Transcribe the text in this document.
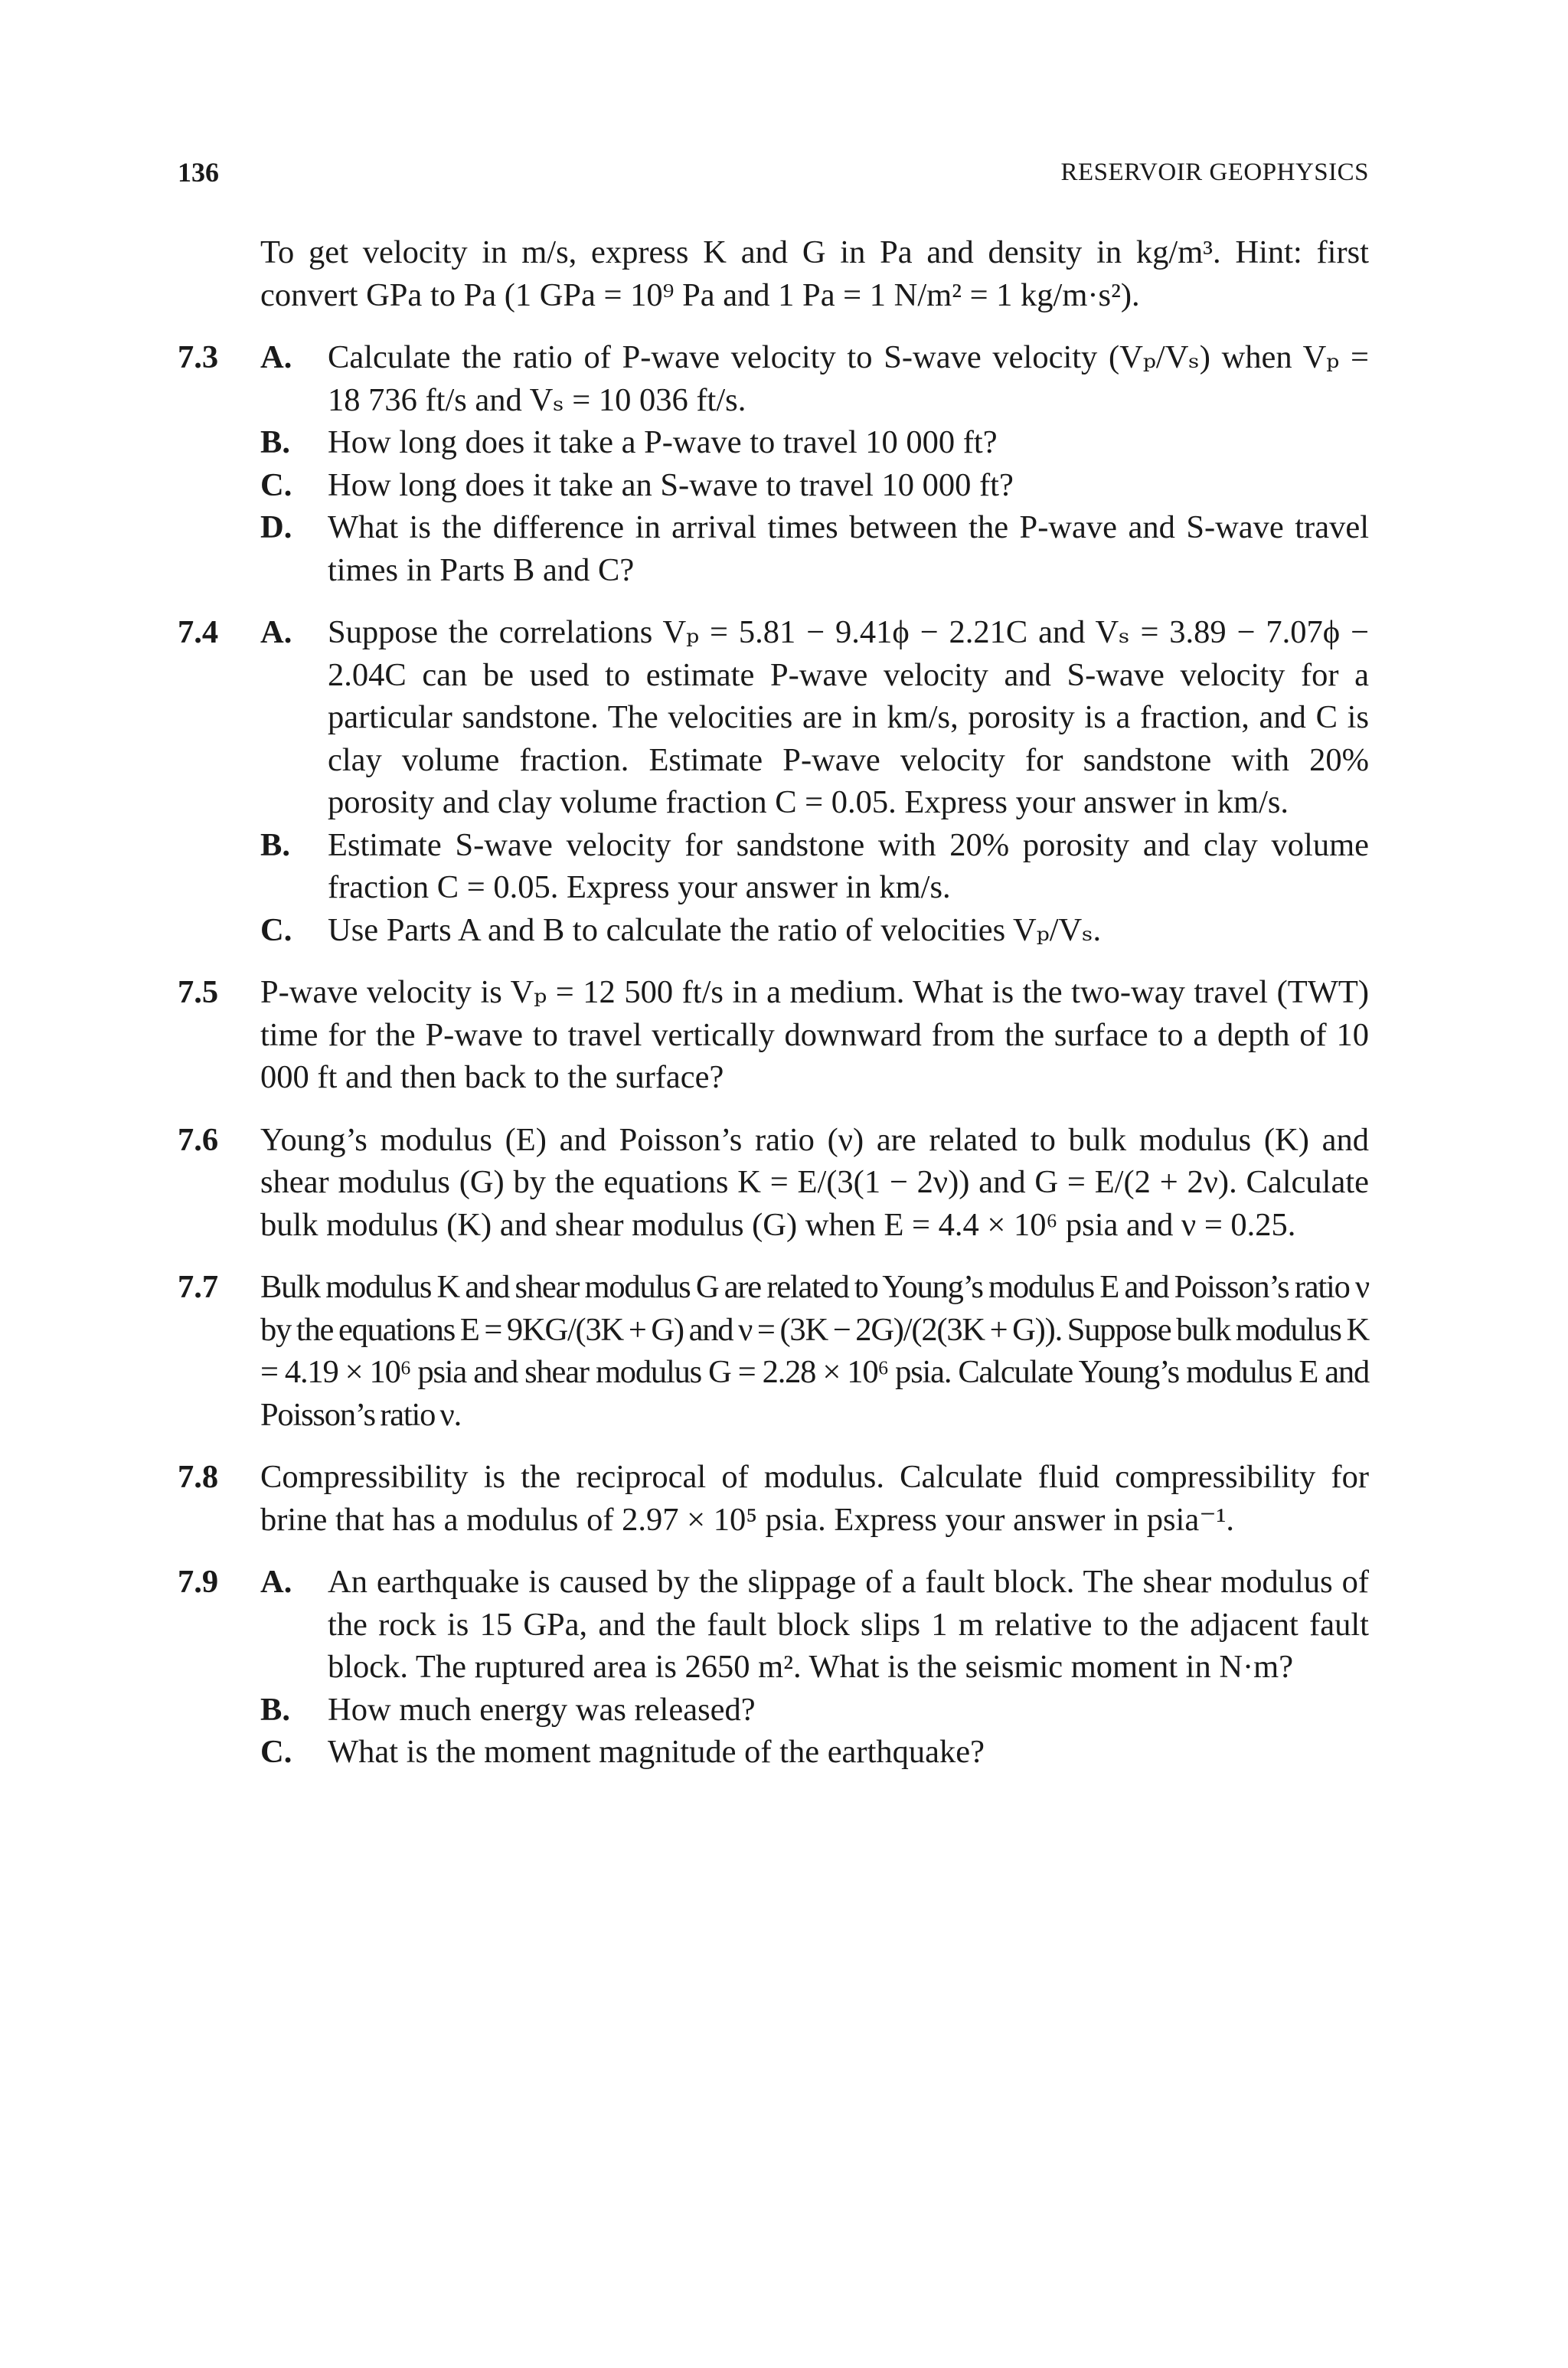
136	RESERVOIR GEOPHYSICS
To get velocity in m/s, express K and G in Pa and density in kg/m³. Hint: first convert GPa to Pa (1 GPa = 10⁹ Pa and 1 Pa = 1 N/m² = 1 kg/m·s²).
7.3 A. Calculate the ratio of P-wave velocity to S-wave velocity (Vₚ/Vₛ) when Vₚ = 18 736 ft/s and Vₛ = 10 036 ft/s.
B. How long does it take a P-wave to travel 10 000 ft?
C. How long does it take an S-wave to travel 10 000 ft?
D. What is the difference in arrival times between the P-wave and S-wave travel times in Parts B and C?
7.4 A. Suppose the correlations Vₚ = 5.81 − 9.41ϕ − 2.21C and Vₛ = 3.89 − 7.07ϕ − 2.04C can be used to estimate P-wave velocity and S-wave velocity for a particular sandstone. The velocities are in km/s, porosity is a fraction, and C is clay volume fraction. Estimate P-wave velocity for sandstone with 20% porosity and clay volume fraction C = 0.05. Express your answer in km/s.
B. Estimate S-wave velocity for sandstone with 20% porosity and clay volume fraction C = 0.05. Express your answer in km/s.
C. Use Parts A and B to calculate the ratio of velocities Vₚ/Vₛ.
7.5 P-wave velocity is Vₚ = 12 500 ft/s in a medium. What is the two-way travel (TWT) time for the P-wave to travel vertically downward from the surface to a depth of 10 000 ft and then back to the surface?
7.6 Young’s modulus (E) and Poisson’s ratio (ν) are related to bulk modulus (K) and shear modulus (G) by the equations K = E/(3(1 − 2ν)) and G = E/(2 + 2ν). Calculate bulk modulus (K) and shear modulus (G) when E = 4.4 × 10⁶ psia and ν = 0.25.
7.7 Bulk modulus K and shear modulus G are related to Young’s modulus E and Poisson’s ratio ν by the equations E = 9KG/(3K + G) and ν = (3K − 2G)/(2(3K + G)). Suppose bulk modulus K = 4.19 × 10⁶ psia and shear modulus G = 2.28 × 10⁶ psia. Calculate Young’s modulus E and Poisson’s ratio ν.
7.8 Compressibility is the reciprocal of modulus. Calculate fluid compressibility for brine that has a modulus of 2.97 × 10⁵ psia. Express your answer in psia⁻¹.
7.9 A. An earthquake is caused by the slippage of a fault block. The shear modulus of the rock is 15 GPa, and the fault block slips 1 m relative to the adjacent fault block. The ruptured area is 2650 m². What is the seismic moment in N·m?
B. How much energy was released?
C. What is the moment magnitude of the earthquake?
